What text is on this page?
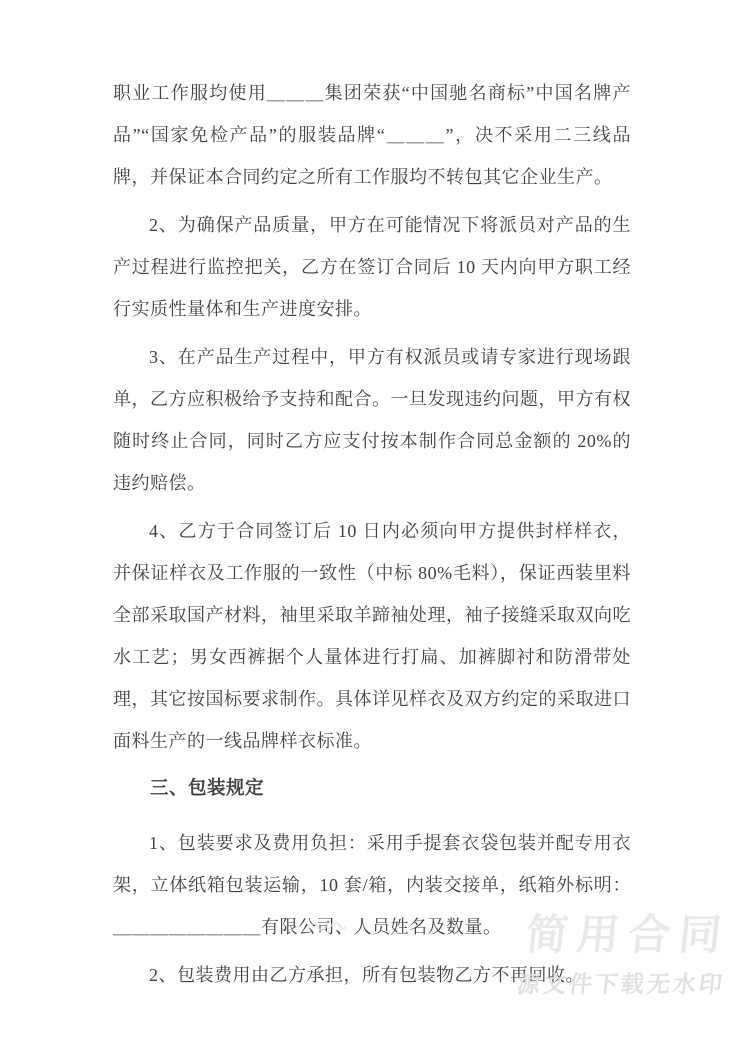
职业工作服均使用＿＿＿集团荣获“中国驰名商标”中国名牌产品”“国家免检产品”的服装品牌“＿＿＿”，决不采用二三线品牌，并保证本合同约定之所有工作服均不转包其它企业生产。

2、为确保产品质量，甲方在可能情况下将派员对产品的生产过程进行监控把关，乙方在签订合同后 10 天内向甲方职工经行实质性量体和生产进度安排。

3、在产品生产过程中，甲方有权派员或请专家进行现场跟单，乙方应积极给予支持和配合。一旦发现违约问题，甲方有权随时终止合同，同时乙方应支付按本制作合同总金额的 20%的违约赔偿。

4、乙方于合同签订后 10 日内必须向甲方提供封样样衣，并保证样衣及工作服的一致性（中标 80%毛料），保证西装里料全部采取国产材料，袖里采取羊蹄袖处理，袖子接缝采取双向吃水工艺；男女西裤据个人量体进行打扁、加裤脚衬和防滑带处理，其它按国标要求制作。具体详见样衣及双方约定的采取进口面料生产的一线品牌样衣标准。

三、包装规定

1、包装要求及费用负担：采用手提套衣袋包装并配专用衣架，立体纸箱包装运输，10 套/箱，内装交接单，纸箱外标明：＿＿＿＿＿＿＿＿有限公司、人员姓名及数量。

2、包装费用由乙方承担，所有包装物乙方不再回收。

简用合同
源文件下载无水印
